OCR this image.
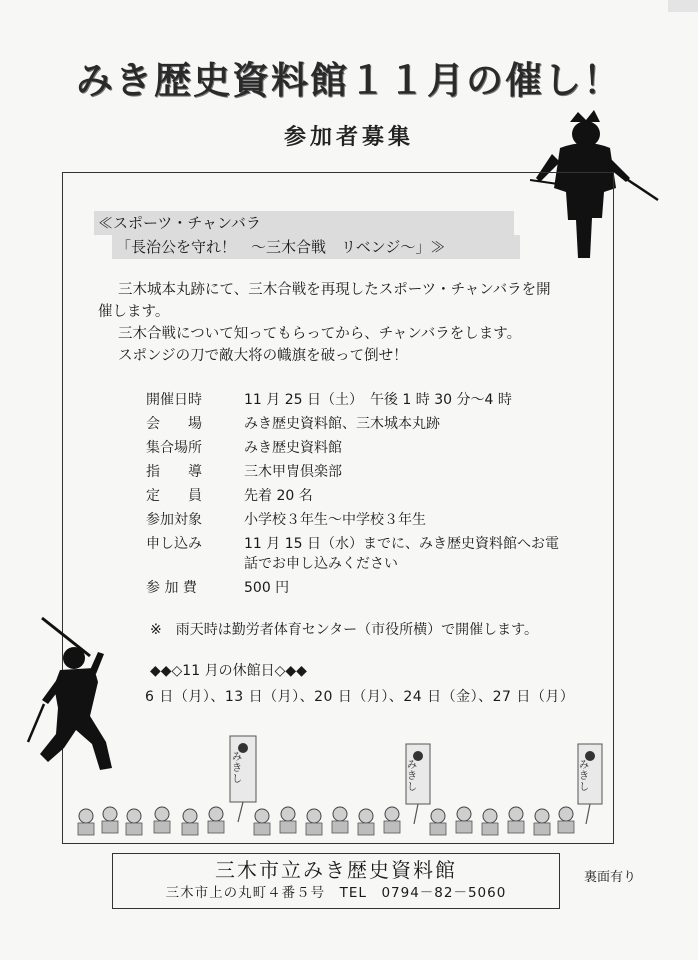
みき歴史資料館１１月の催し！
参加者募集
≪スポーツ・チャンバラ
「長治公を守れ！　～三木合戦　リベンジ～」≫
三木城本丸跡にて、三木合戦を再現したスポーツ・チャンバラを開
催します。
三木合戦について知ってもらってから、チャンバラをします。
スポンジの刀で敵大将の幟旗を破って倒せ！
開催日時	11 月 25 日（土）　午後 1 時 30 分～4 時
会　　場	みき歴史資料館、三木城本丸跡
集合場所	みき歴史資料館
指　　導	三木甲冑倶楽部
定　　員	先着 20 名
参加対象	小学校３年生～中学校３年生
申し込み	11 月 15 日（水）までに、みき歴史資料館へお電
話でお申し込みください
参 加 費	500 円
※　雨天時は勤労者体育センター（市役所横）で開催します。
◆◆◇11 月の休館日◇◆◆
6 日（月）、13 日（月）、20 日（月）、24 日（金）、27 日（月）
みきし
みきし
みきし
三木市立みき歴史資料館
三木市上の丸町４番５号　TEL　0794－82－5060
裏面有り
